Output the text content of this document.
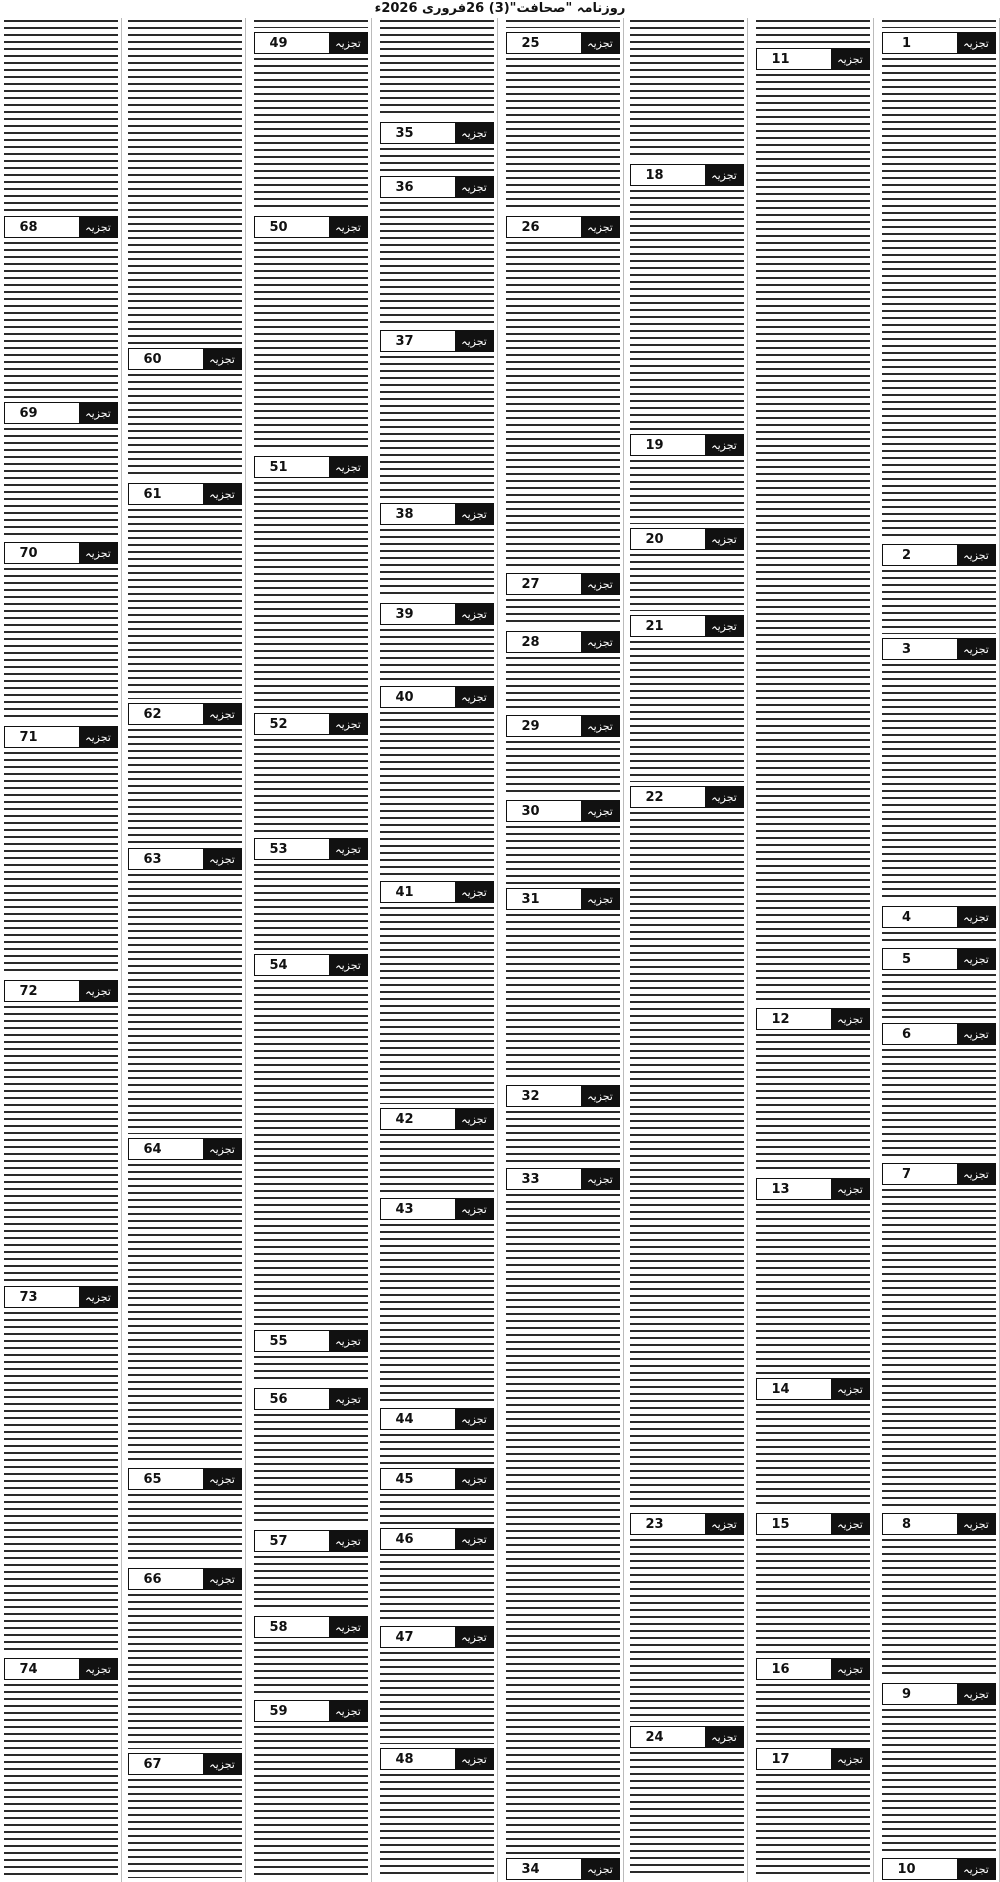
روزنامہ "صحافت"(3) 26فروری 2026ء
1	تجزیہ
2	تجزیہ
3	تجزیہ
4	تجزیہ
5	تجزیہ
6	تجزیہ
7	تجزیہ
8	تجزیہ
9	تجزیہ
10	تجزیہ
11	تجزیہ
12	تجزیہ
13	تجزیہ
14	تجزیہ
15	تجزیہ
16	تجزیہ
17	تجزیہ
18	تجزیہ
19	تجزیہ
20	تجزیہ
21	تجزیہ
22	تجزیہ
23	تجزیہ
24	تجزیہ
25	تجزیہ
26	تجزیہ
27	تجزیہ
28	تجزیہ
29	تجزیہ
30	تجزیہ
31	تجزیہ
32	تجزیہ
33	تجزیہ
34	تجزیہ
35	تجزیہ
36	تجزیہ
37	تجزیہ
38	تجزیہ
39	تجزیہ
40	تجزیہ
41	تجزیہ
42	تجزیہ
43	تجزیہ
44	تجزیہ
45	تجزیہ
46	تجزیہ
47	تجزیہ
48	تجزیہ
49	تجزیہ
50	تجزیہ
51	تجزیہ
52	تجزیہ
53	تجزیہ
54	تجزیہ
55	تجزیہ
56	تجزیہ
57	تجزیہ
58	تجزیہ
59	تجزیہ
60	تجزیہ
61	تجزیہ
62	تجزیہ
63	تجزیہ
64	تجزیہ
65	تجزیہ
66	تجزیہ
67	تجزیہ
68	تجزیہ
69	تجزیہ
70	تجزیہ
71	تجزیہ
72	تجزیہ
73	تجزیہ
74	تجزیہ
